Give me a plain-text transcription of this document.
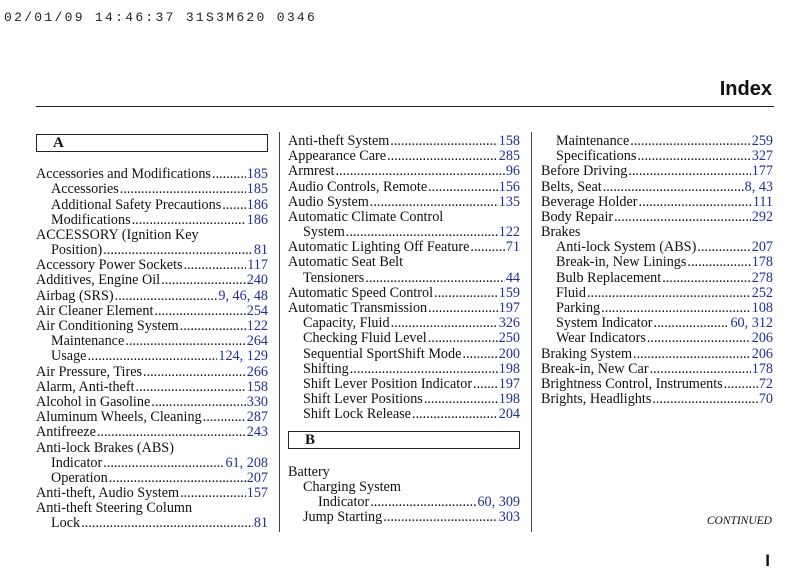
02/01/09 14:46:37 31S3M620 0346
Index
A
Accessories and Modifications .....	185
Accessories .....	185
Additional Safety Precautions ..... 186
Modifications .....	186
ACCESSORY (Ignition Key
Position) .....	81
Accessory Power Sockets .....	117
Additives, Engine Oil .....	240
Airbag (SRS) .....	9, 46, 48
Air Cleaner Element .....	254
Air Conditioning System .....	122
Maintenance .....	264
Usage .....	124, 129
Air Pressure, Tires .....	266
Alarm, Anti-theft .....	158
Alcohol in Gasoline .....	330
Aluminum Wheels, Cleaning .....	287
Antifreeze .....	243
Anti-lock Brakes (ABS)
Indicator .....	61, 208
Operation .....	207
Anti-theft, Audio System .....	157
Anti-theft Steering Column
Lock .....	81
Anti-theft System .....	158
Appearance Care .....	285
Armrest .....	96
Audio Controls, Remote .....	156
Audio System .....	135
Automatic Climate Control
System .....	122
Automatic Lighting Off Feature .....	71
Automatic Seat Belt
Tensioners .....	44
Automatic Speed Control .....	159
Automatic Transmission .....	197
Capacity, Fluid .....	326
Checking Fluid Level .....	250
Sequential SportShift Mode .....	200
Shifting .....	198
Shift Lever Position Indicator ..... 197
Shift Lever Positions .....	198
Shift Lock Release .....	204
B
Battery
Charging System
Indicator .....	60, 309
Jump Starting .....	303
Maintenance .....	259
Specifications .....	327
Before Driving .....	177
Belts, Seat .....	8, 43
Beverage Holder .....	111
Body Repair .....	292
Brakes
Anti-lock System (ABS) .....	207
Break-in, New Linings .....	178
Bulb Replacement .....	278
Fluid .....	252
Parking .....	108
System Indicator .....	60, 312
Wear Indicators .....	206
Braking System .....	206
Break-in, New Car .....	178
Brightness Control, Instruments .....	72
Brights, Headlights .....	70
CONTINUED
I
